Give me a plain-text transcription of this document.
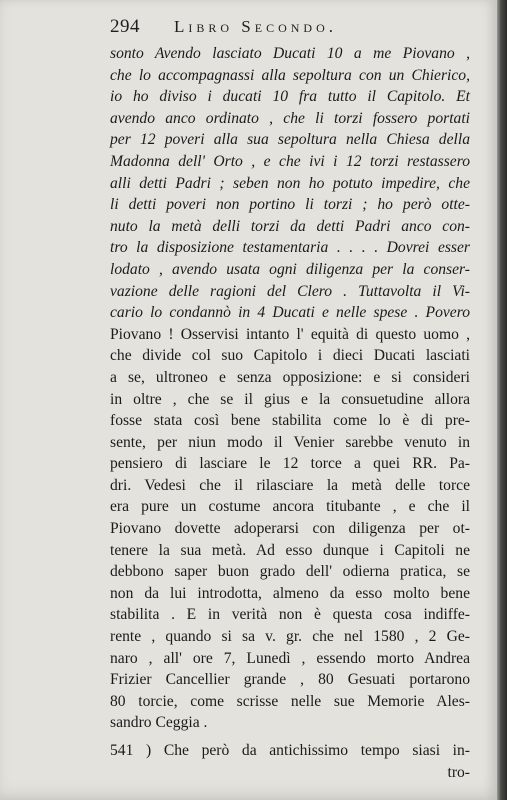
294 Libro Secondo.
sonto Avendo lasciato Ducati 10 a me Piovano ,
che lo accompagnassi alla sepoltura con un Chierico,
io ho diviso i ducati 10 fra tutto il Capitolo. Et
avendo anco ordinato , che li torzi fossero portati
per 12 poveri alla sua sepoltura nella Chiesa della
Madonna dell' Orto , e che ivi i 12 torzi restassero
alli detti Padri ; seben non ho potuto impedire, che
li detti poveri non portino li torzi ; ho però otte-
nuto la metà delli torzi da detti Padri anco con-
tro la disposizione testamentaria . . . . Dovrei esser
lodato , avendo usata ogni diligenza per la conser-
vazione delle ragioni del Clero . Tuttavolta il Vi-
cario lo condannò in 4 Ducati e nelle spese . Povero
Piovano ! Osservisi intanto l' equità di questo uomo ,
che divide col suo Capitolo i dieci Ducati lasciati
a se, ultroneo e senza opposizione: e si consideri
in oltre , che se il gius e la consuetudine allora
fosse stata così bene stabilita come lo è di pre-
sente, per niun modo il Venier sarebbe venuto in
pensiero di lasciare le 12 torce a quei RR. Pa-
dri. Vedesi che il rilasciare la metà delle torce
era pure un costume ancora titubante , e che il
Piovano dovette adoperarsi con diligenza per ot-
tenere la sua metà. Ad esso dunque i Capitoli ne
debbono saper buon grado dell' odierna pratica, se
non da lui introdotta, almeno da esso molto bene
stabilita . E in verità non è questa cosa indiffe-
rente , quando si sa v. gr. che nel 1580 , 2 Ge-
naro , all' ore 7, Lunedì , essendo morto Andrea
Frizier Cancellier grande , 80 Gesuati portarono
80 torcie, come scrisse nelle sue Memorie Ales-
sandro Ceggia .
541 ) Che però da antichissimo tempo siasi in-
tro-
